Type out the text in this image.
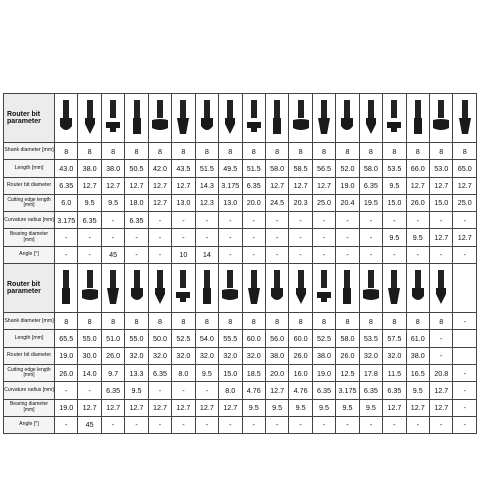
Router bit parameter	

Shank diameter [mm]	8	8	8	8	8	8	8	8	8	8	8	8	8	8	8	8	8	8
Length [mm]	43.0	38.0	38.0	50.5	42.0	43.5	51.5	49.5	51.5	58.0	58.5	56.5	52.0	58.0	53.5	66.0	53.0	65.0
Router bit diameter	6.35	12.7	12.7	12.7	12.7	12.7	14.3	3.175	6.35	12.7	12.7	12.7	19.0	6.35	9.5	12.7	12.7	12.7
Cutting edge length [mm]	6.0	9.5	9.5	18.0	12.7	13.0	12.3	13.0	20.0	24.5	20.3	25.0	20.4	19.5	15.0	26.0	15.0	25.0
Curvature radius [mm]	3.175	6.35	-	6.35	-	-	-	-	-	-	-	-	-	-	-	-	-	-
Bearing diameter [mm]	-	-	-	-	-	-	-	-	-	-	-	-	-	-	9.5	9.5	12.7	12.7
Angle [°]	-	-	45	-	-	10	14	-	-	-	-	-	-	-	-	-	-	-
Router bit parameter	

Shank diameter [mm]	8	8	8	8	8	8	8	8	8	8	8	8	8	8	8	8	8	-
Length [mm]	65.5	55.0	51.0	55.0	50.0	52.5	54.0	55.5	60.0	56.0	60.0	52.5	58.0	53.5	57.5	61.0	-	
Router bit diameter	19.0	30.0	26.0	32.0	32.0	32.0	32.0	32.0	32.0	38.0	26.0	38.0	26.0	32.0	32.0	38.0	-	
Cutting edge length [mm]	26.0	14.0	9.7	13.3	6.35	8.0	9.5	15.0	18.5	20.0	16.0	19.0	12.5	17.8	11.5	16.5	20.8	-
Curvature radius [mm]	-	-	6.35	9.5	-	-	-	8.0	4.76	12.7	4.76	6.35	3.175	6.35	6.35	9.5	12.7	-
Bearing diameter [mm]	19.0	12.7	12.7	12.7	12.7	12.7	12.7	12.7	9.5	9.5	9.5	9.5	9.5	9.5	12.7	12.7	12.7	-
Angle [°]	-	45	-	-	-	-	-	-	-	-	-	-	-	-	-	-	-	-
